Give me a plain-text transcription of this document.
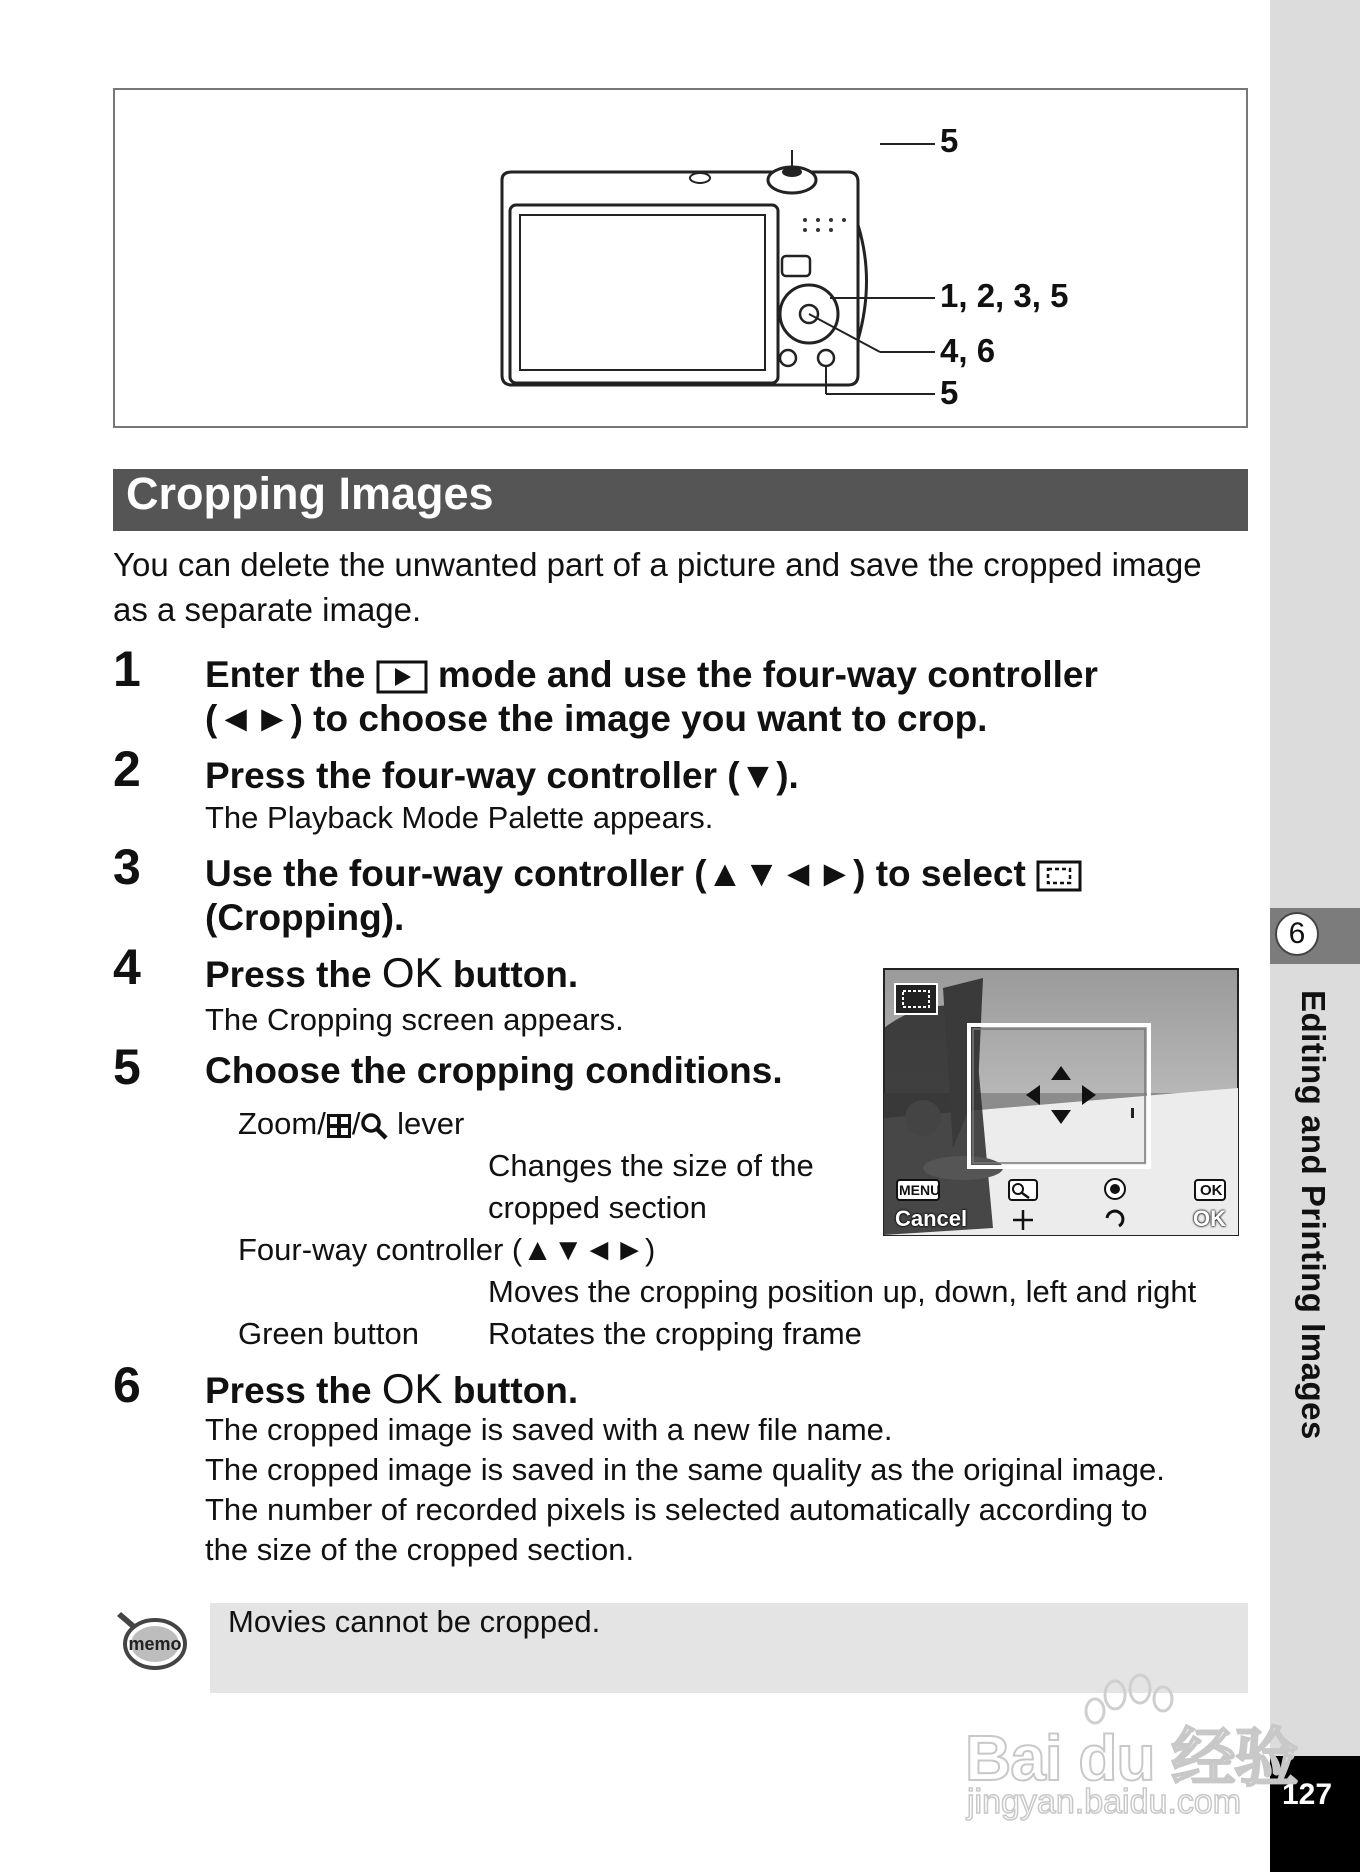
6
Editing and Printing Images
127
5
1, 2, 3, 5
4, 6
5
Cropping Images
You can delete the unwanted part of a picture and save the cropped image as a separate image.
1 Enter the mode and use the four-way controller
(◄►) to choose the image you want to crop.
2 Press the four-way controller (▼).
The Playback Mode Palette appears.
3 Use the four-way controller (▲▼◄►) to select
(Cropping).
4 Press the OK button.
The Cropping screen appears.
5 Choose the cropping conditions.
Zoom/ / lever
Changes the size of the
cropped section
Four-way controller (▲▼◄►)
Moves the cropping position up, down, left and right
Green button Rotates the cropping frame
MENU
Cancel
OK
OK
6 Press the OK button.
The cropped image is saved with a new file name.
The cropped image is saved in the same quality as the original image.
The number of recorded pixels is selected automatically according to
the size of the cropped section.
memo
Movies cannot be cropped.
Bai du 经验
jingyan.baidu.com
